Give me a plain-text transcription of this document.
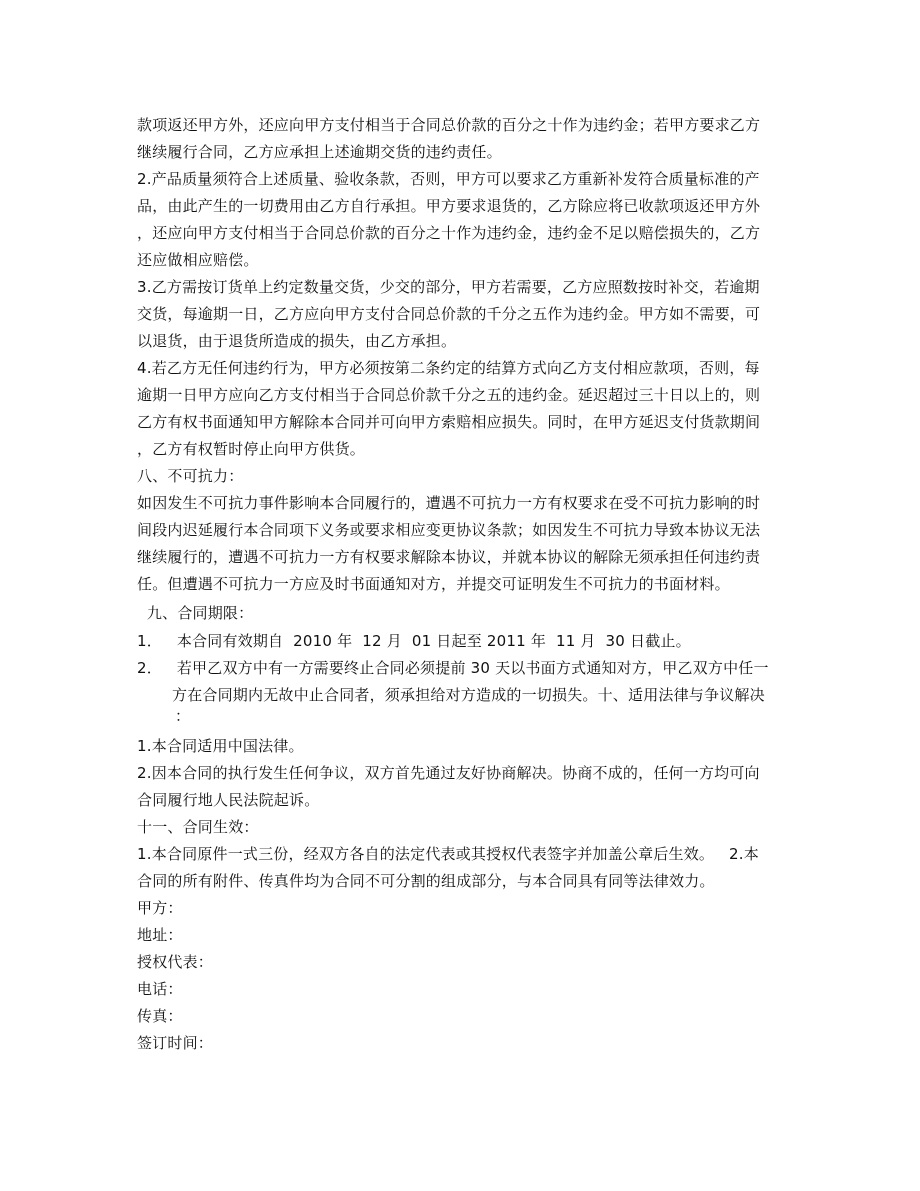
款项返还甲方外，还应向甲方支付相当于合同总价款的百分之十作为违约金；若甲方要求乙方
继续履行合同，乙方应承担上述逾期交货的违约责任。
2.产品质量须符合上述质量、验收条款，否则，甲方可以要求乙方重新补发符合质量标准的产
品，由此产生的一切费用由乙方自行承担。甲方要求退货的，乙方除应将已收款项返还甲方外
，还应向甲方支付相当于合同总价款的百分之十作为违约金，违约金不足以赔偿损失的，乙方
还应做相应赔偿。
3.乙方需按订货单上约定数量交货，少交的部分，甲方若需要，乙方应照数按时补交，若逾期
交货，每逾期一日，乙方应向甲方支付合同总价款的千分之五作为违约金。甲方如不需要，可
以退货，由于退货所造成的损失，由乙方承担。
4.若乙方无任何违约行为，甲方必须按第二条约定的结算方式向乙方支付相应款项，否则，每
逾期一日甲方应向乙方支付相当于合同总价款千分之五的违约金。延迟超过三十日以上的，则
乙方有权书面通知甲方解除本合同并可向甲方索赔相应损失。同时，在甲方延迟支付货款期间
，乙方有权暂时停止向甲方供货。
八、不可抗力：
如因发生不可抗力事件影响本合同履行的，遭遇不可抗力一方有权要求在受不可抗力影响的时
间段内迟延履行本合同项下义务或要求相应变更协议条款；如因发生不可抗力导致本协议无法
继续履行的，遭遇不可抗力一方有权要求解除本协议，并就本协议的解除无须承担任何违约责
任。但遭遇不可抗力一方应及时书面通知对方，并提交可证明发生不可抗力的书面材料。
九、合同期限：
1．   本合同有效期自  2010 年  12 月  01 日起至 2011 年  11 月  30 日截止。
2．   若甲乙双方中有一方需要终止合同必须提前 30 天以书面方式通知对方，甲乙双方中任一
方在合同期内无故中止合同者，须承担给对方造成的一切损失。十、适用法律与争议解决
：
1.本合同适用中国法律。
2.因本合同的执行发生任何争议，双方首先通过友好协商解决。协商不成的，任何一方均可向
合同履行地人民法院起诉。
十一、合同生效：
1.本合同原件一式三份，经双方各自的法定代表或其授权代表签字并加盖公章后生效。   2.本
合同的所有附件、传真件均为合同不可分割的组成部分，与本合同具有同等法律效力。
甲方：
地址：
授权代表：
电话：
传真：
签订时间：
